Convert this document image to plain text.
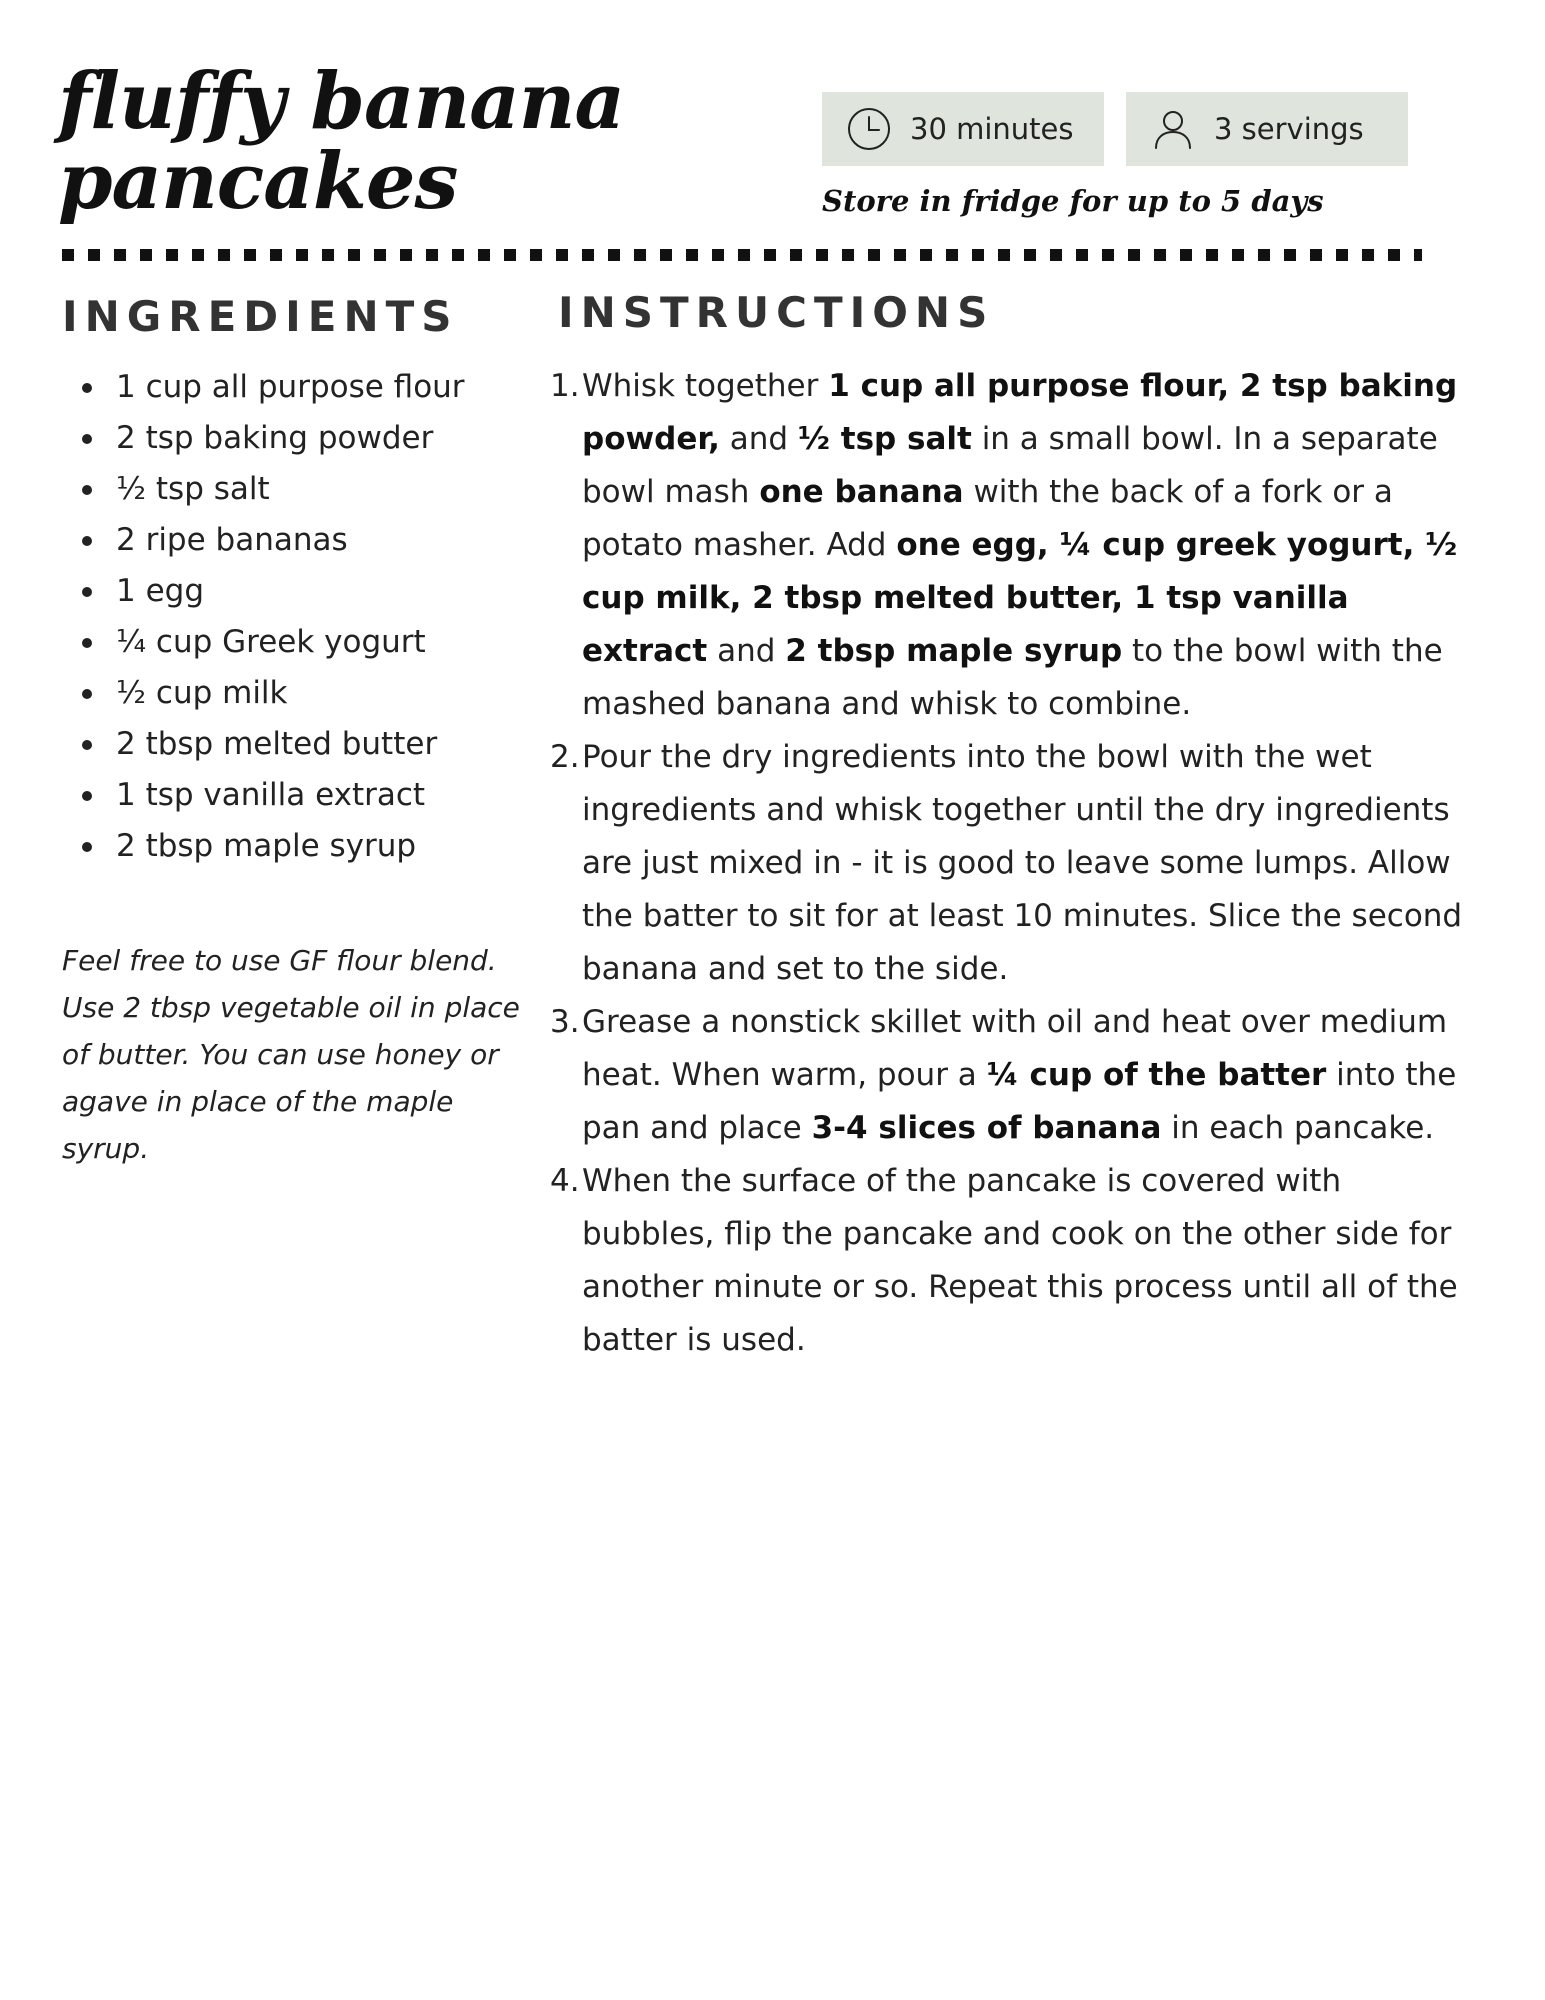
fluffy banana pancakes
30 minutes	3 servings

Store in fridge for up to 5 days

INGREDIENTS
1 cup all purpose flour
2 tsp baking powder
½ tsp salt
2 ripe bananas
1 egg
¼ cup Greek yogurt
½ cup milk
2 tbsp melted butter
1 tsp vanilla extract
2 tbsp maple syrup

Feel free to use GF flour blend. Use 2 tbsp vegetable oil in place of butter. You can use honey or agave in place of the maple syrup.

INSTRUCTIONS
1. Whisk together 1 cup all purpose flour, 2 tsp baking powder, and ½ tsp salt in a small bowl. In a separate bowl mash one banana with the back of a fork or a potato masher. Add one egg, ¼ cup greek yogurt, ½ cup milk, 2 tbsp melted butter, 1 tsp vanilla extract and 2 tbsp maple syrup to the bowl with the mashed banana and whisk to combine.
2. Pour the dry ingredients into the bowl with the wet ingredients and whisk together until the dry ingredients are just mixed in - it is good to leave some lumps. Allow the batter to sit for at least 10 minutes. Slice the second banana and set to the side.
3. Grease a nonstick skillet with oil and heat over medium heat. When warm, pour a ¼ cup of the batter into the pan and place 3-4 slices of banana in each pancake.
4. When the surface of the pancake is covered with bubbles, flip the pancake and cook on the other side for another minute or so. Repeat this process until all of the batter is used.
